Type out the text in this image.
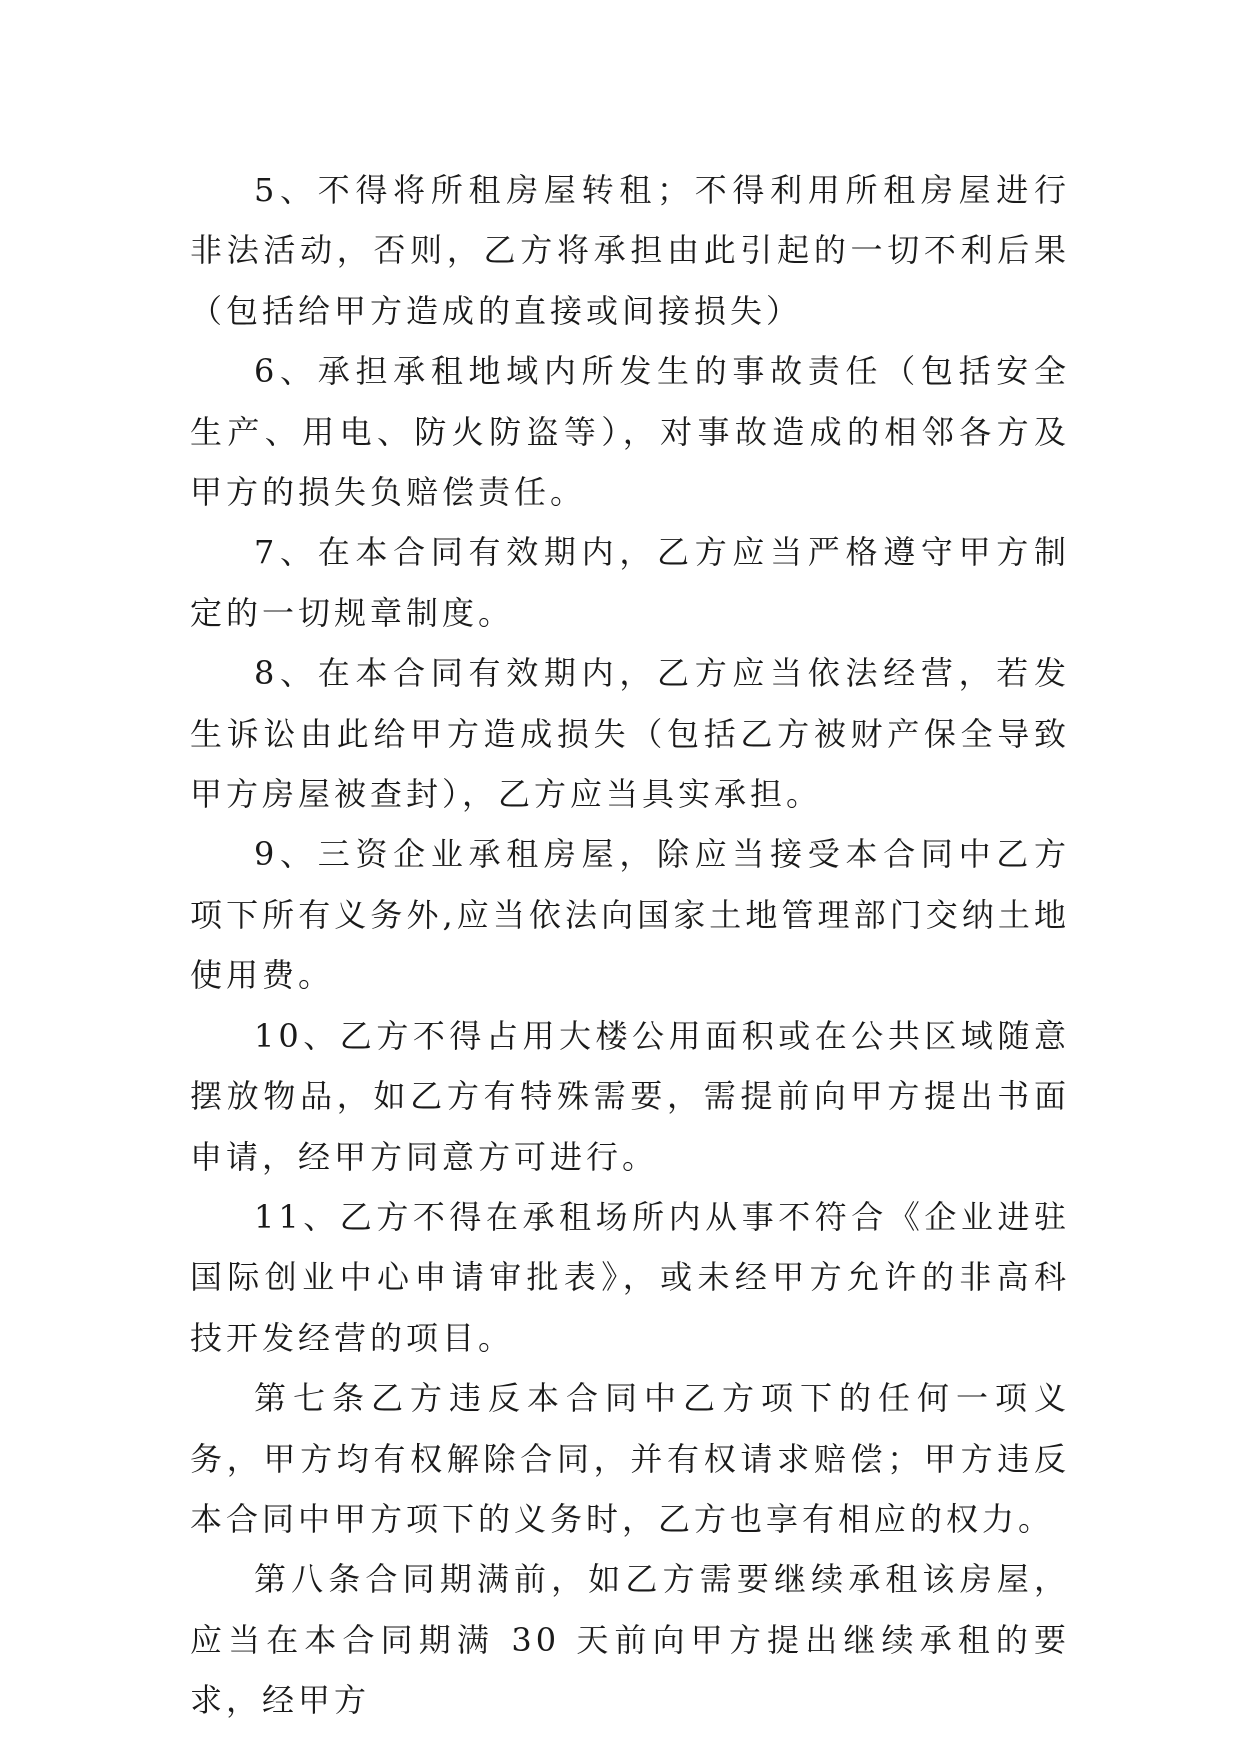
5、不得将所租房屋转租；不得利用所租房屋进行非法活动，否则，乙方将承担由此引起的一切不利后果（包括给甲方造成的直接或间接损失）

6、承担承租地域内所发生的事故责任（包括安全生产、用电、防火防盗等），对事故造成的相邻各方及甲方的损失负赔偿责任。

7、在本合同有效期内，乙方应当严格遵守甲方制定的一切规章制度。

8、在本合同有效期内，乙方应当依法经营，若发生诉讼由此给甲方造成损失（包括乙方被财产保全导致甲方房屋被查封），乙方应当具实承担。

9、三资企业承租房屋，除应当接受本合同中乙方项下所有义务外,应当依法向国家土地管理部门交纳土地使用费。

10、乙方不得占用大楼公用面积或在公共区域随意摆放物品，如乙方有特殊需要，需提前向甲方提出书面申请，经甲方同意方可进行。

11、乙方不得在承租场所内从事不符合《企业进驻国际创业中心申请审批表》，或未经甲方允许的非高科技开发经营的项目。

第七条乙方违反本合同中乙方项下的任何一项义务，甲方均有权解除合同，并有权请求赔偿；甲方违反本合同中甲方项下的义务时，乙方也享有相应的权力。

第八条合同期满前，如乙方需要继续承租该房屋，应当在本合同期满 30 天前向甲方提出继续承租的要求，经甲方
